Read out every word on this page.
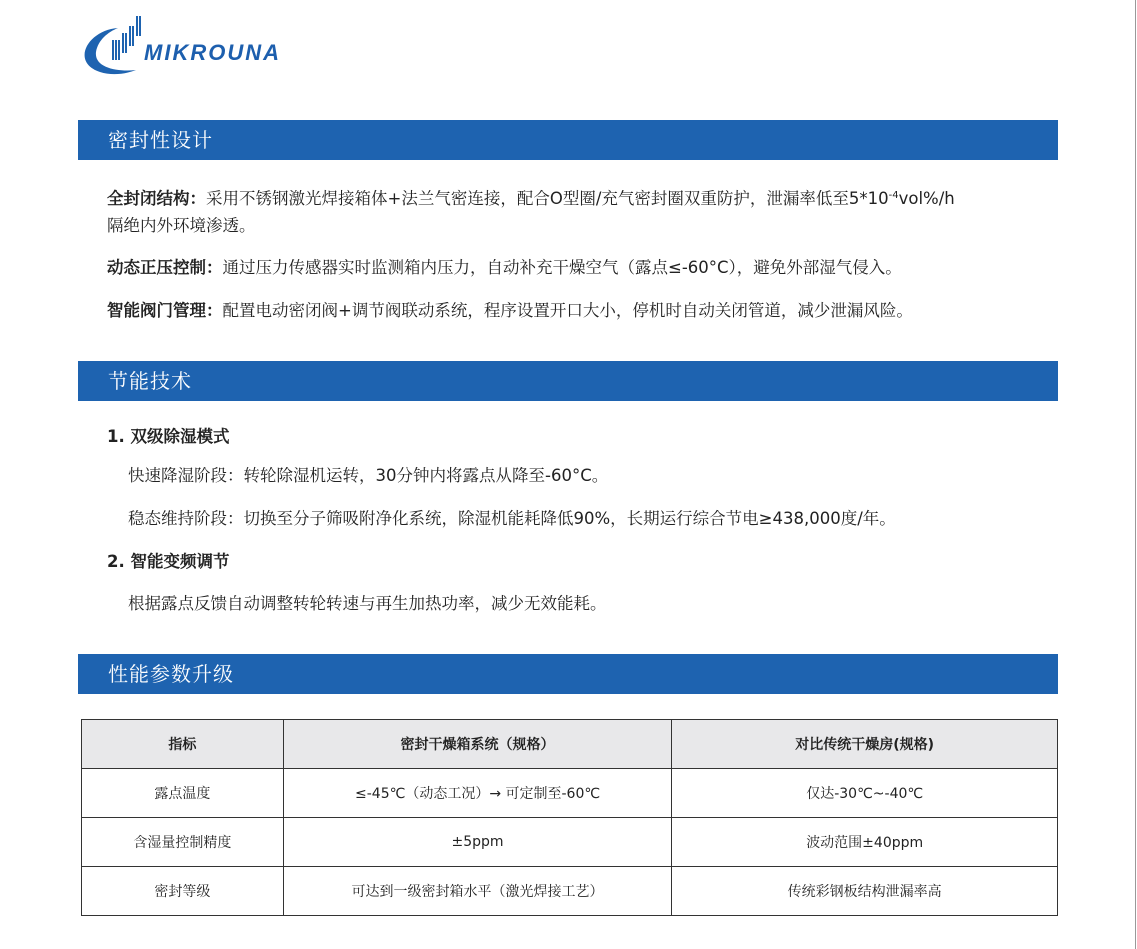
MIKROUNA
密封性设计
全封闭结构：采用不锈钢激光焊接箱体+法兰气密连接，配合O型圈/充气密封圈双重防护，泄漏率低至$5*10^{-4}vol\%/h$
隔绝内外环境渗透。
动态正压控制：通过压力传感器实时监测箱内压力，自动补充干燥空气（露点≤-60°C），避免外部湿气侵入。
智能阀门管理：配置电动密闭阀+调节阀联动系统，程序设置开口大小，停机时自动关闭管道，减少泄漏风险。
节能技术
1. 双级除湿模式
快速降湿阶段：转轮除湿机运转，30分钟内将露点从降至-60°C。
稳态维持阶段：切换至分子筛吸附净化系统，除湿机能耗降低90%，长期运行综合节电≥438,000度/年。
2. 智能变频调节
根据露点反馈自动调整转轮转速与再生加热功率，减少无效能耗。
性能参数升级
指标	密封干燥箱系统（规格）	对比传统干燥房(规格)
露点温度	≤-45℃（动态工况）→ 可定制至-60℃	仅达-30℃~-40℃
含湿量控制精度	±5ppm	波动范围±40ppm
密封等级	可达到一级密封箱水平（激光焊接工艺）	传统彩钢板结构泄漏率高
